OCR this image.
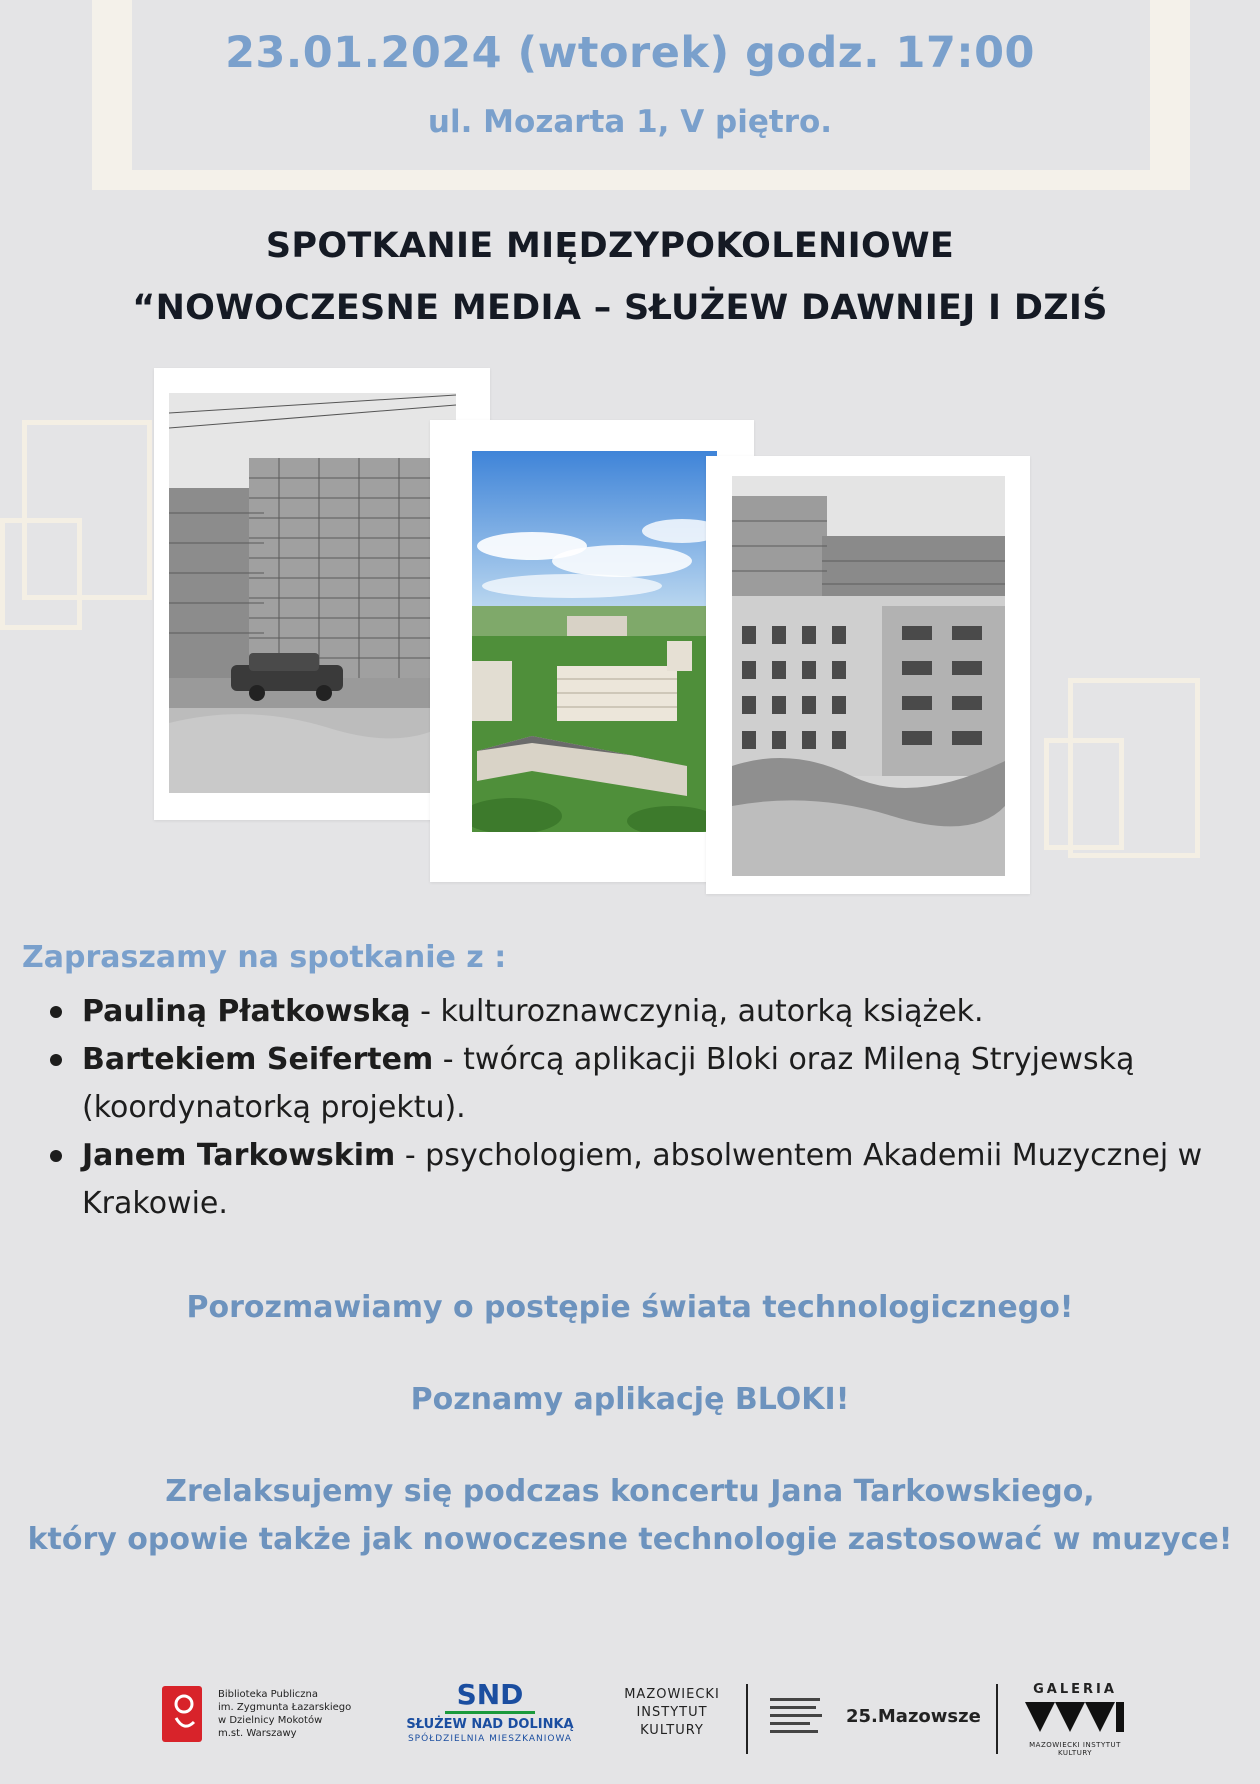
23.01.2024 (wtorek) godz. 17:00
ul. Mozarta 1, V piętro.
SPOTKANIE MIĘDZYPOKOLENIOWE
“NOWOCZESNE MEDIA – SŁUŻEW DAWNIEJ I DZIŚ
Zapraszamy na spotkanie z :
Pauliną Płatkowską - kulturoznawczynią, autorką książek.
Bartekiem Seifertem - twórcą aplikacji Bloki oraz Mileną Stryjewską (koordynatorką projektu).
Janem Tarkowskim - psychologiem, absolwentem Akademii Muzycznej w Krakowie.
Porozmawiamy o postępie świata technologicznego!
Poznamy aplikację BLOKI!
Zrelaksujemy się podczas koncertu Jana Tarkowskiego,
który opowie także jak nowoczesne technologie zastosować w muzyce!
Biblioteka Publiczna
im. Zygmunta Łazarskiego
w Dzielnicy Mokotów
m.st. Warszawy
SND
SŁUŻEW NAD DOLINKĄ
SPÓŁDZIELNIA MIESZKANIOWA
MAZOWIECKI
INSTYTUT
KULTURY
25.Mazowsze
GALERIA
MAZOWIECKI INSTYTUT KULTURY
